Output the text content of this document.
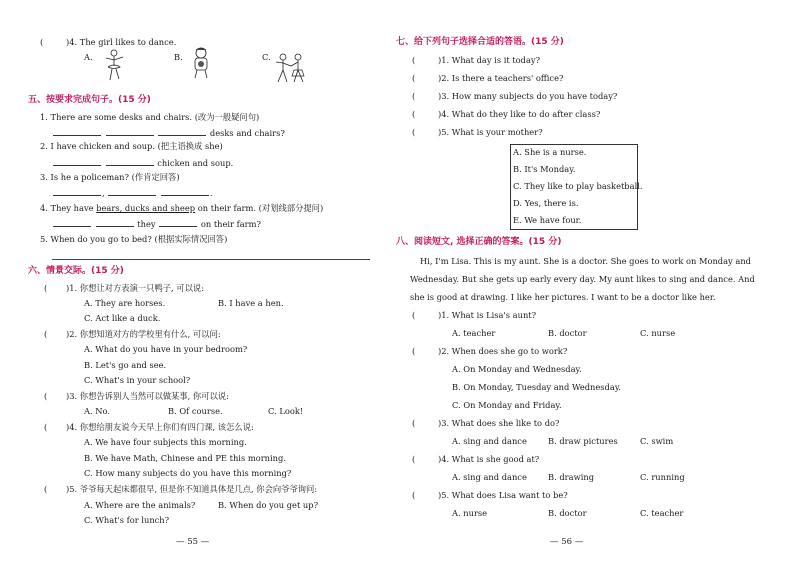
(	)4. The girl likes to dance.
A.	B.	C.
五、按要求完成句子。(15 分)
1. There are some desks and chairs. (改为一般疑问句)
desks and chairs?
2. I have chicken and soup. (把主语换成 she)
chicken and soup.
3. Is he a policeman? (作肯定回答)
,	.
4. They have bears, ducks and sheep on their farm. (对划线部分提问)
they	on their farm?
5. When do you go to bed? (根据实际情况回答)
六、情景交际。(15 分)
( )1. 你想让对方表演一只鸭子, 可以说:
A. They are horses.	B. I have a hen.
C. Act like a duck.
( )2. 你想知道对方的学校里有什么, 可以问:
A. What do you have in your bedroom?
B. Let's go and see.
C. What's in your school?
( )3. 你想告诉别人当然可以做某事, 你可以说:
A. No.	B. Of course.	C. Look!
( )4. 你想给朋友说今天早上你们有四门课, 该怎么说:
A. We have four subjects this morning.
B. We have Math, Chinese and PE this morning.
C. How many subjects do you have this morning?
( )5. 爷爷每天起床都很早, 但是你不知道具体是几点, 你会向爷爷询问:
A. Where are the animals?	B. When do you get up?
C. What's for lunch?
— 55 —
七、给下列句子选择合适的答语。(15 分)
(	)1. What day is it today?
(	)2. Is there a teachers' office?
(	)3. How many subjects do you have today?
(	)4. What do they like to do after class?
(	)5. What is your mother?
A. She is a nurse.
B. It's Monday.
C. They like to play basketball.
D. Yes, there is.
E. We have four.
八、阅读短文, 选择正确的答案。(15 分)
Hi, I'm Lisa. This is my aunt. She is a doctor. She goes to work on Monday and
Wednesday. But she gets up early every day. My aunt likes to sing and dance. And
she is good at drawing. I like her pictures. I want to be a doctor like her.
(	)1. What is Lisa's aunt?
A. teacher	B. doctor	C. nurse
(	)2. When does she go to work?
A. On Monday and Wednesday.
B. On Monday, Tuesday and Wednesday.
C. On Monday and Friday.
(	)3. What does she like to do?
A. sing and dance	B. draw pictures	C. swim
(	)4. What is she good at?
A. sing and dance	B. drawing	C. running
(	)5. What does Lisa want to be?
A. nurse	B. doctor	C. teacher
— 56 —
